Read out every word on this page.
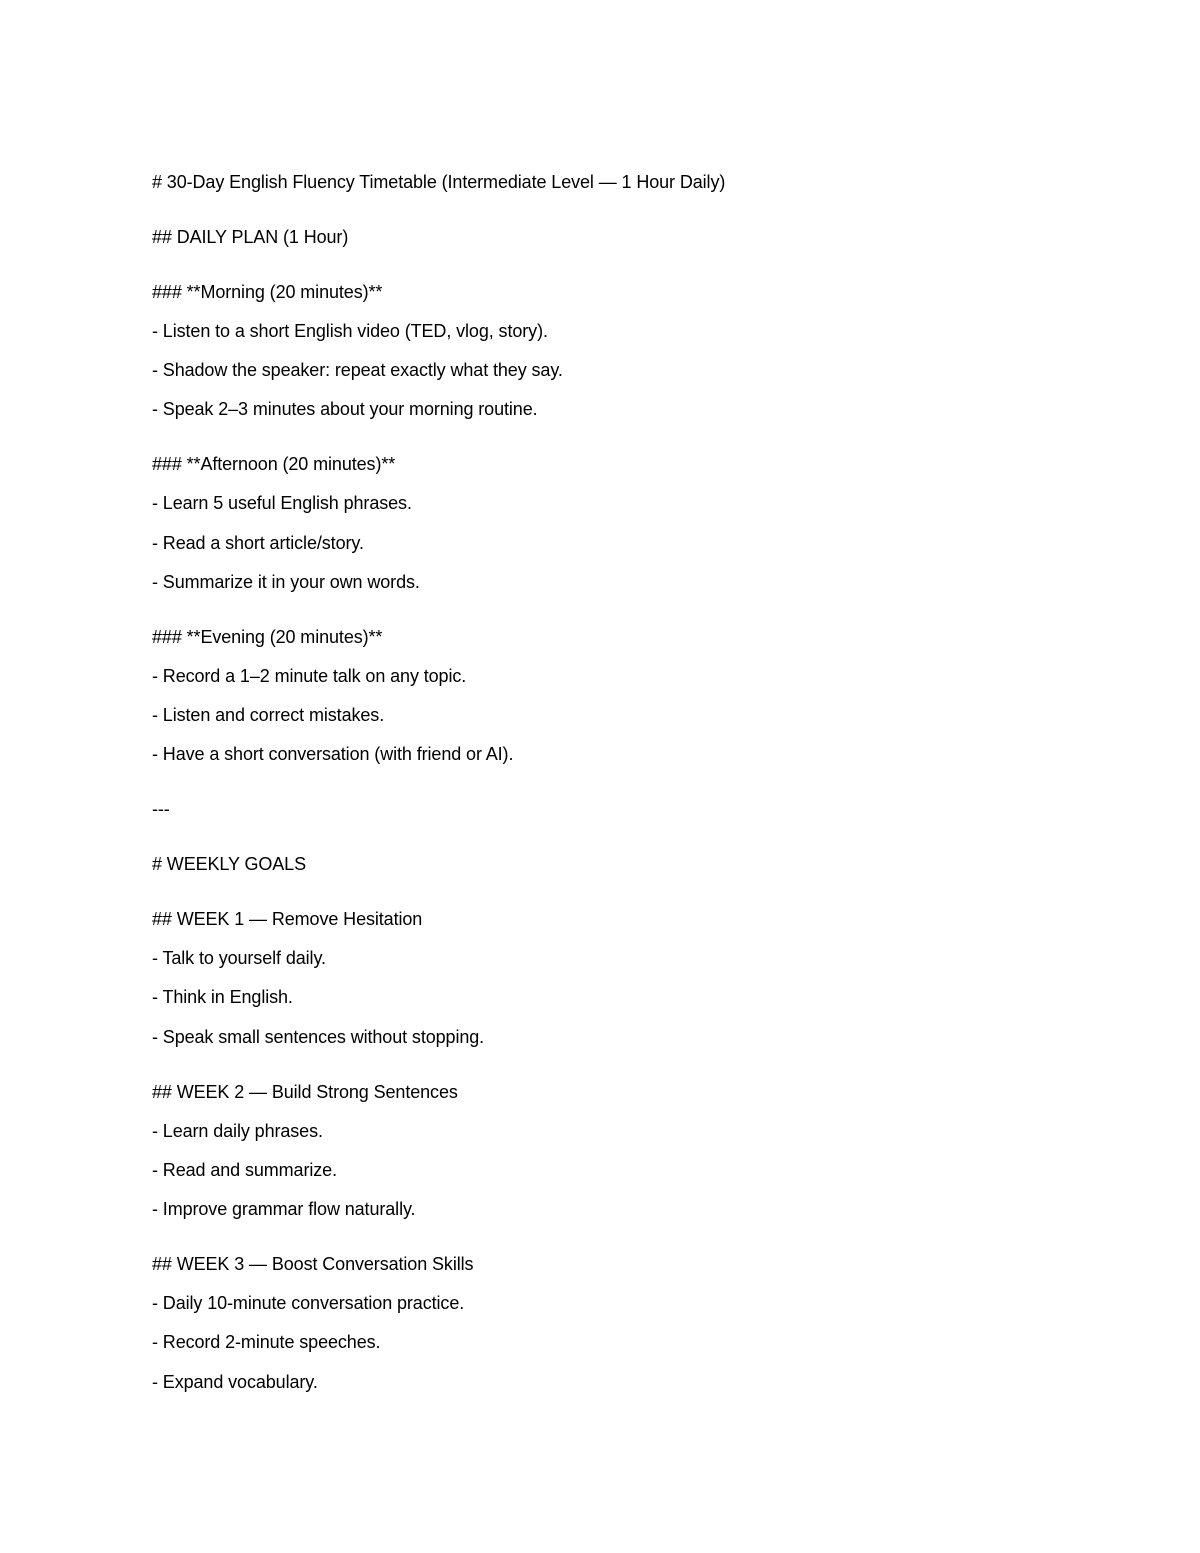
# 30-Day English Fluency Timetable (Intermediate Level — 1 Hour Daily)
## DAILY PLAN (1 Hour)
### **Morning (20 minutes)**
- Listen to a short English video (TED, vlog, story).
- Shadow the speaker: repeat exactly what they say.
- Speak 2–3 minutes about your morning routine.
### **Afternoon (20 minutes)**
- Learn 5 useful English phrases.
- Read a short article/story.
- Summarize it in your own words.
### **Evening (20 minutes)**
- Record a 1–2 minute talk on any topic.
- Listen and correct mistakes.
- Have a short conversation (with friend or AI).
---
# WEEKLY GOALS
## WEEK 1 — Remove Hesitation
- Talk to yourself daily.
- Think in English.
- Speak small sentences without stopping.
## WEEK 2 — Build Strong Sentences
- Learn daily phrases.
- Read and summarize.
- Improve grammar flow naturally.
## WEEK 3 — Boost Conversation Skills
- Daily 10-minute conversation practice.
- Record 2-minute speeches.
- Expand vocabulary.
